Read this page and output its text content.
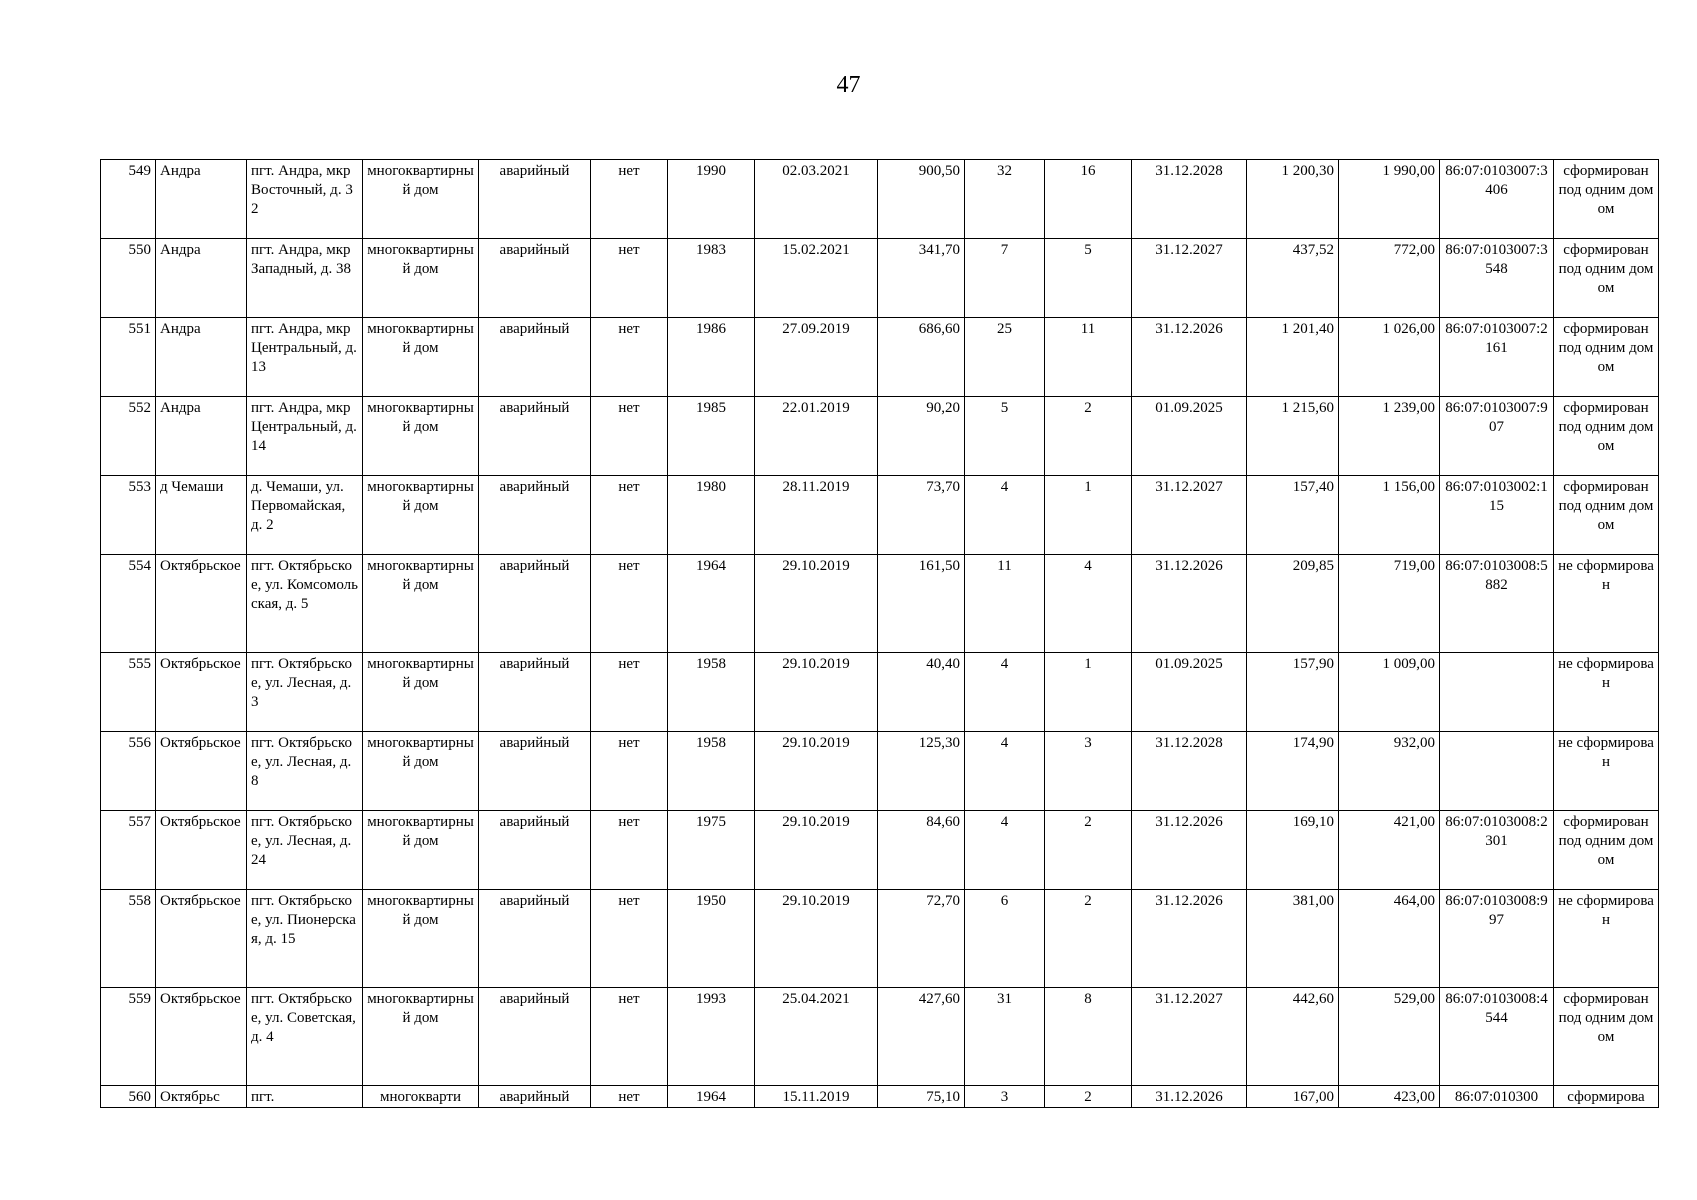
47
549	Андра	пгт. Андра, мкр Восточный, д. 32	многоквартирный дом	аварийный	нет	1990	02.03.2021	900,50	32	16	31.12.2028	1 200,30	1 990,00	86:07:0103007:3406	сформирован под одним домом
550	Андра	пгт. Андра, мкр Западный, д. 38	многоквартирный дом	аварийный	нет	1983	15.02.2021	341,70	7	5	31.12.2027	437,52	772,00	86:07:0103007:3548	сформирован под одним домом
551	Андра	пгт. Андра, мкр Центральный, д. 13	многоквартирный дом	аварийный	нет	1986	27.09.2019	686,60	25	11	31.12.2026	1 201,40	1 026,00	86:07:0103007:2161	сформирован под одним домом
552	Андра	пгт. Андра, мкр Центральный, д. 14	многоквартирный дом	аварийный	нет	1985	22.01.2019	90,20	5	2	01.09.2025	1 215,60	1 239,00	86:07:0103007:907	сформирован под одним домом
553	д Чемаши	д. Чемаши, ул. Первомайская, д. 2	многоквартирный дом	аварийный	нет	1980	28.11.2019	73,70	4	1	31.12.2027	157,40	1 156,00	86:07:0103002:115	сформирован под одним домом
554	Октябрьское	пгт. Октябрьское, ул. Комсомольская, д. 5	многоквартирный дом	аварийный	нет	1964	29.10.2019	161,50	11	4	31.12.2026	209,85	719,00	86:07:0103008:5882	не сформирован
555	Октябрьское	пгт. Октябрьское, ул. Лесная, д. 3	многоквартирный дом	аварийный	нет	1958	29.10.2019	40,40	4	1	01.09.2025	157,90	1 009,00		не сформирован
556	Октябрьское	пгт. Октябрьское, ул. Лесная, д. 8	многоквартирный дом	аварийный	нет	1958	29.10.2019	125,30	4	3	31.12.2028	174,90	932,00		не сформирован
557	Октябрьское	пгт. Октябрьское, ул. Лесная, д. 24	многоквартирный дом	аварийный	нет	1975	29.10.2019	84,60	4	2	31.12.2026	169,10	421,00	86:07:0103008:2301	сформирован под одним домом
558	Октябрьское	пгт. Октябрьское, ул. Пионерская, д. 15	многоквартирный дом	аварийный	нет	1950	29.10.2019	72,70	6	2	31.12.2026	381,00	464,00	86:07:0103008:997	не сформирован
559	Октябрьское	пгт. Октябрьское, ул. Советская, д. 4	многоквартирный дом	аварийный	нет	1993	25.04.2021	427,60	31	8	31.12.2027	442,60	529,00	86:07:0103008:4544	сформирован под одним домом
560	Октябрьс	пгт.	многокварти	аварийный	нет	1964	15.11.2019	75,10	3	2	31.12.2026	167,00	423,00	86:07:010300	сформирова
